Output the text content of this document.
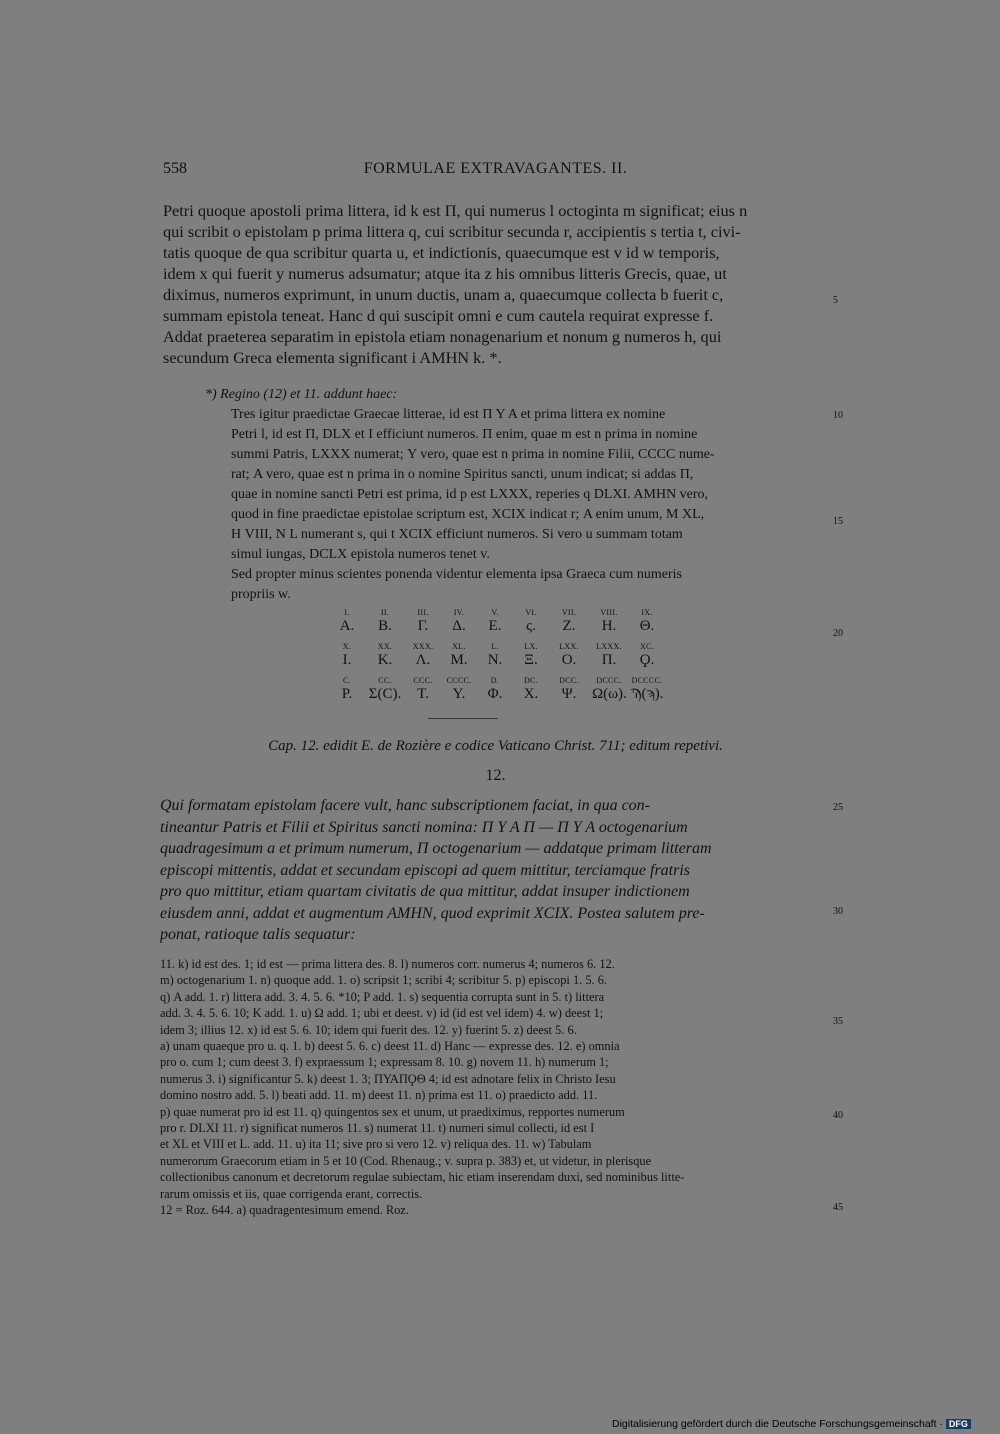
558	FORMULAE EXTRAVAGANTES. II.
Petri quoque apostoli prima littera, id k est Π, qui numerus l octoginta m significat; eius n
qui scribit o epistolam p prima littera q, cui scribitur secunda r, accipientis s tertia t, civi-
tatis quoque de qua scribitur quarta u, et indictionis, quaecumque est v id w temporis,
idem x qui fuerit y numerus adsumatur; atque ita z his omnibus litteris Grecis, quae, ut
diximus, numeros exprimunt, in unum ductis, unam a, quaecumque collecta b fuerit c,
summam epistola teneat. Hanc d qui suscipit omni e cum cautela requirat expresse f.
Addat praeterea separatim in epistola etiam nonagenarium et nonum g numeros h, qui
secundum Greca elementa significant i AMHN k. *.
*) Regino (12) et 11. addunt haec:
Tres igitur praedictae Graecae litterae, id est Π Υ Α et prima littera ex nomine
Petri l, id est Π, DLX et I efficiunt numeros. Π enim, quae m est n prima in nomine
summi Patris, LXXX numerat; Υ vero, quae est n prima in nomine Filii, CCCC nume-
rat; Α vero, quae est n prima in o nomine Spiritus sancti, unum indicat; si addas Π,
quae in nomine sancti Petri est prima, id p est LXXX, reperies q DLXI. AMHN vero,
quod in fine praedictae epistolae scriptum est, XCIX indicat r; Α enim unum, Μ XL,
Η VIII, Ν L numerant s, qui t XCIX efficiunt numeros. Si vero u summam totam
simul iungas, DCLX epistola numeros tenet v.
Sed propter minus scientes ponenda videntur elementa ipsa Graeca cum numeris
propriis w.
I.
Α.
II.
Β.
III.
Γ.
IV.
Δ.
V.
Ε.
VI.
ς.
VII.
Ζ.
VIII.
Η.
IX.
Θ.
X.
Ι.
XX.
Κ.
XXX.
Λ.
XL.
Μ.
L.
Ν.
LX.
Ξ.
LXX.
Ο.
LXXX.
Π.
XC.
Ϙ.
C.
Ρ.
CC.
Σ(C).
CCC.
Τ.
CCCC.
Υ.
D.
Φ.
DC.
Χ.
DCC.
Ψ.
DCCC.
Ω(ω).
DCCCC.
Ϡ(ϡ).
Cap. 12. edidit E. de Rozière e codice Vaticano Christ. 711; editum repetivi.
12.
Qui formatam epistolam facere vult, hanc subscriptionem faciat, in qua con-
tineantur Patris et Filii et Spiritus sancti nomina: Π Υ Α Π — Π Υ Α octogenarium
quadragesimum a et primum numerum, Π octogenarium — addatque primam litteram
episcopi mittentis, addat et secundam episcopi ad quem mittitur, terciamque fratris
pro quo mittitur, etiam quartam civitatis de qua mittitur, addat insuper indictionem
eiusdem anni, addat et augmentum AMHN, quod exprimit XCIX. Postea salutem pre-
ponat, ratioque talis sequatur:
11. k) id est des. 1; id est — prima littera des. 8. l) numeros corr. numerus 4; numeros 6. 12.
m) octogenarium 1. n) quoque add. 1. o) scripsit 1; scribi 4; scribitur 5. p) episcopi 1. 5. 6.
q) Α add. 1. r) littera add. 3. 4. 5. 6. *10; P add. 1. s) sequentia corrupta sunt in 5. t) littera
add. 3. 4. 5. 6. 10; K add. 1. u) Ω add. 1; ubi et deest. v) id (id est vel idem) 4. w) deest 1;
idem 3; illius 12. x) id est 5. 6. 10; idem qui fuerit des. 12. y) fuerint 5. z) deest 5. 6.
a) unam quaeque pro u. q. 1. b) deest 5. 6. c) deest 11. d) Hanc — expresse des. 12. e) omnia
pro o. cum 1; cum deest 3. f) expraessum 1; expressam 8. 10. g) novem 11. h) numerum 1;
numerus 3. i) significantur 5. k) deest 1. 3; ΠΥΑΠϘΘ 4; id est adnotare felix in Christo Iesu
domino nostro add. 5. l) beati add. 11. m) deest 11. n) prima est 11. o) praedicto add. 11.
p) quae numerat pro id est 11. q) quingentos sex et unum, ut praediximus, repportes numerum
pro r. DLXI 11. r) significat numeros 11. s) numerat 11. t) numeri simul collecti, id est I
et XL et VIII et L. add. 11. u) ita 11; sive pro si vero 12. v) reliqua des. 11. w) Tabulam
numerorum Graecorum etiam in 5 et 10 (Cod. Rhenaug.; v. supra p. 383) et, ut videtur, in plerisque
collectionibus canonum et decretorum regulae subiectam, hic etiam inserendam duxi, sed nominibus litte-
rarum omissis et iis, quae corrigenda erant, correctis.
12 = Roz. 644. a) quadragentesimum emend. Roz.
5
10
15
20
25
30
35
40
45
Digitalisierung gefördert durch die Deutsche Forschungsgemeinschaft · DFG
